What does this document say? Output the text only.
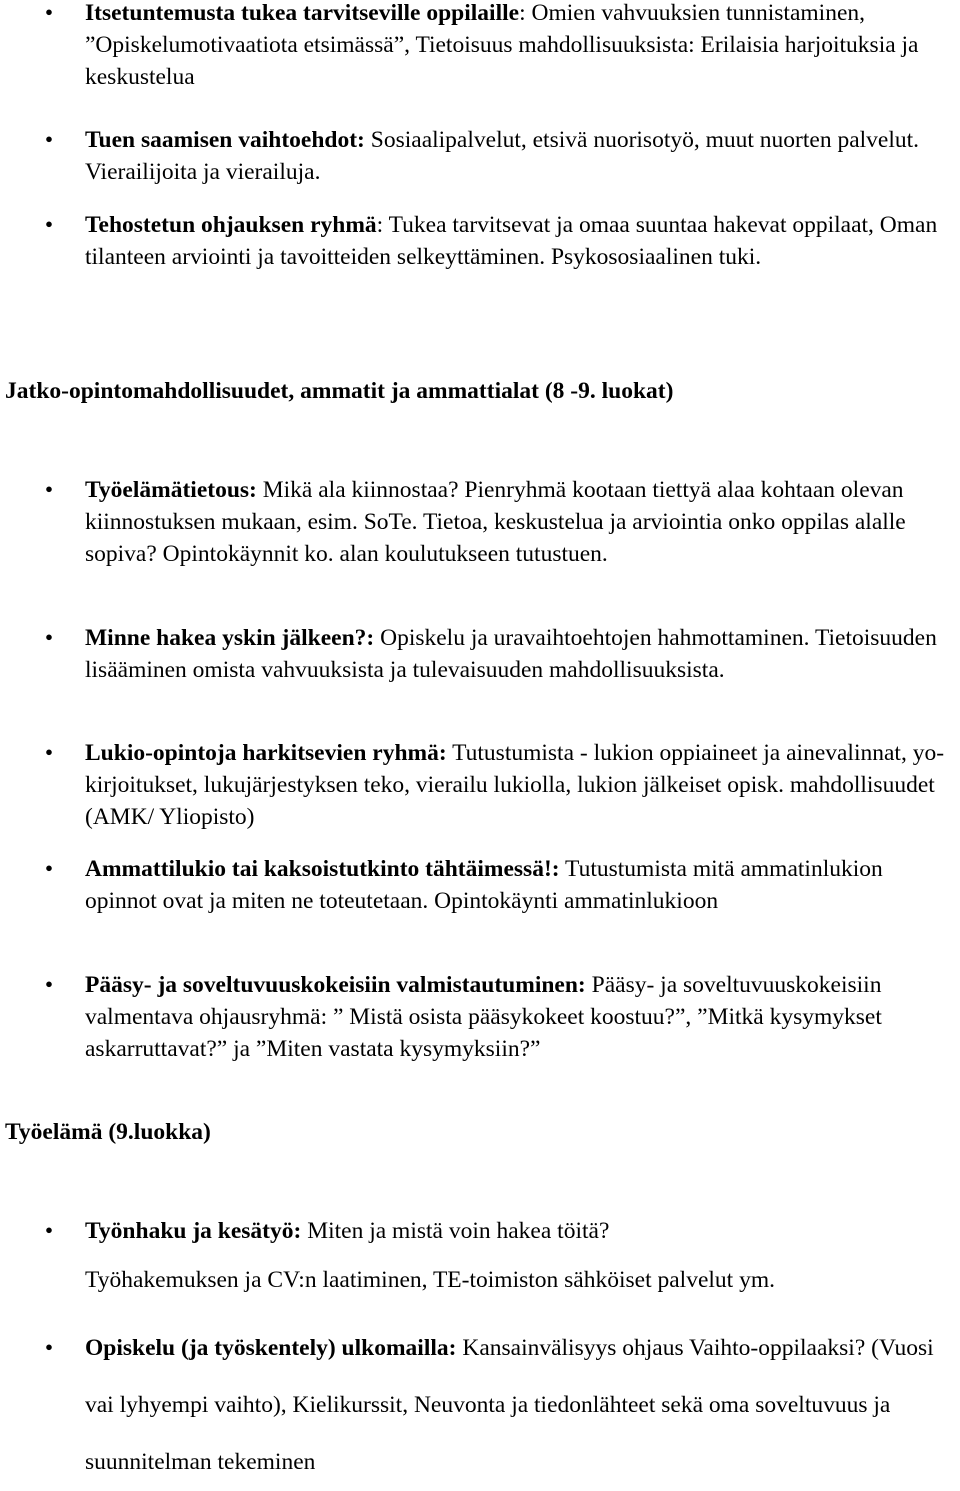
• Itsetuntemusta tukea tarvitseville oppilaille: Omien vahvuuksien tunnistaminen, ”Opiskelumotivaatiota etsimässä”, Tietoisuus mahdollisuuksista: Erilaisia harjoituksia ja keskustelua
• Tuen saamisen vaihtoehdot: Sosiaalipalvelut, etsivä nuorisotyö, muut nuorten palvelut. Vierailijoita ja vierailuja.
• Tehostetun ohjauksen ryhmä: Tukea tarvitsevat ja omaa suuntaa hakevat oppilaat, Oman tilanteen arviointi ja tavoitteiden selkeyttäminen. Psykososiaalinen tuki.
Jatko-opintomahdollisuudet, ammatit ja ammattialat (8 -9. luokat)
• Työelämätietous: Mikä ala kiinnostaa? Pienryhmä kootaan tiettyä alaa kohtaan olevan kiinnostuksen mukaan, esim. SoTe. Tietoa, keskustelua ja arviointia onko oppilas alalle sopiva? Opintokäynnit ko. alan koulutukseen tutustuen.
• Minne hakea yskin jälkeen?: Opiskelu ja uravaihtoehtojen hahmottaminen. Tietoisuuden lisääminen omista vahvuuksista ja tulevaisuuden mahdollisuuksista.
• Lukio-opintoja harkitsevien ryhmä: Tutustumista - lukion oppiaineet ja ainevalinnat, yo-kirjoitukset, lukujärjestyksen teko, vierailu lukiolla, lukion jälkeiset opisk. mahdollisuudet (AMK/ Yliopisto)
• Ammattilukio tai kaksoistutkinto tähtäimessä!: Tutustumista mitä ammatinlukion opinnot ovat ja miten ne toteutetaan. Opintokäynti ammatinlukioon
• Pääsy- ja soveltuvuuskokeisiin valmistautuminen: Pääsy- ja soveltuvuuskokeisiin valmentava ohjausryhmä: ” Mistä osista pääsykokeet koostuu?”, ”Mitkä kysymykset askarruttavat?” ja ”Miten vastata kysymyksiin?”
Työelämä (9.luokka)
• Työnhaku ja kesätyö: Miten ja mistä voin hakea töitä?
Työhakemuksen ja CV:n laatiminen, TE-toimiston sähköiset palvelut ym.
• Opiskelu (ja työskentely) ulkomailla: Kansainvälisyys ohjaus Vaihto-oppilaaksi? (Vuosi vai lyhyempi vaihto), Kielikurssit, Neuvonta ja tiedonlähteet sekä oma soveltuvuus ja suunnitelman tekeminen
